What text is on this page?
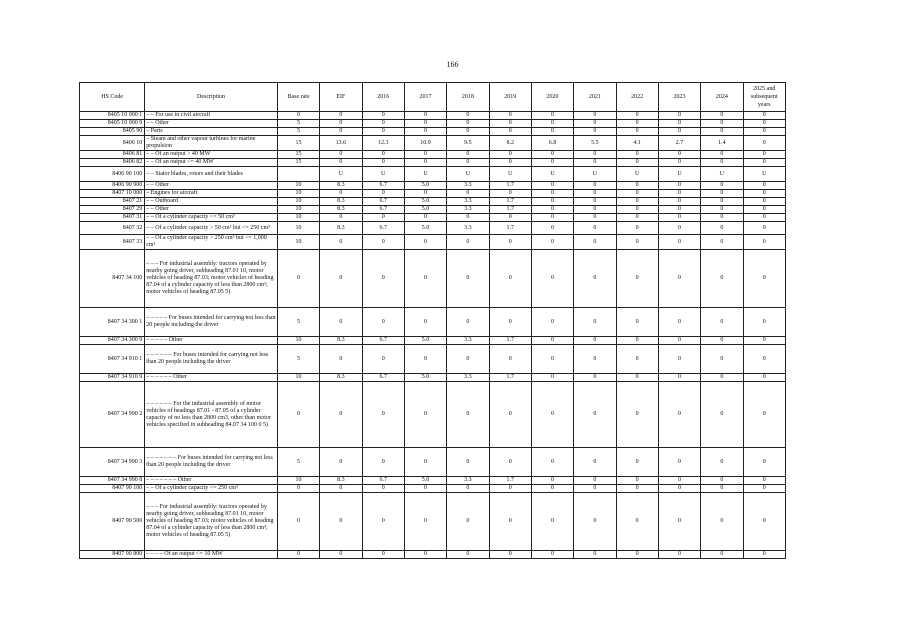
166
HS Code	Description	Base rate	EIF	2016	2017	2018	2019	2020	2021	2022	2023	2024	2025 and subsequent years
8405 10 000 1	– – For use in civil aircraft	0	0	0	0	0	0	0	0	0	0	0	0
8405 10 000 9	– – Other	5	0	0	0	0	0	0	0	0	0	0	0
8405 90	– Parts	5	0	0	0	0	0	0	0	0	0	0	0
8406 10	– Steam and other vapour turbines for marine propulsion	15	13.6	12.3	10.9	9.5	8.2	6.8	5.5	4.1	2.7	1.4	0
8406 81	– – Of an output > 40 MW	15	0	0	0	0	0	0	0	0	0	0	0
8406 82	– – Of an output <= 40 MW	15	0	0	0	0	0	0	0	0	0	0	0
8406 90 100	– – Stator blades, rotors and their blades		U	U	U	U	U	U	U	U	U	U	U
8406 90 900	– – Other	10	8.3	6.7	5.0	3.3	1.7	0	0	0	0	0	0
8407 10 000	– Engines for aircraft	10	0	0	0	0	0	0	0	0	0	0	0
8407 21	– – Outboard	10	8.3	6.7	5.0	3.3	1.7	0	0	0	0	0	0
8407 29	– – Other	10	8.3	6.7	5.0	3.3	1.7	0	0	0	0	0	0
8407 31	– – Of a cylinder capacity <= 50 cm³	10	0	0	0	0	0	0	0	0	0	0	0
8407 32	– – Of a cylinder capacity > 50 cm³ but <= 250 cm³	10	8.3	6.7	5.0	3.3	1.7	0	0	0	0	0	0
8407 33	– – Of a cylinder capacity > 250 cm³ but <= 1,000 cm³	10	0	0	0	0	0	0	0	0	0	0	0
8407 34 100	– – – For industrial assembly: tractors operated by nearby going driver, subheading 87.01 10, motor vehicles of heading 87.03; motor vehicles of heading 87.04 of a cylinder capacity of less than 2800 cm³; motor vehicles of heading 87.05 5)	0	0	0	0	0	0	0	0	0	0	0	0
8407 34 300 1	– – – – – For buses intended for carrying not less than 20 people including the driver	5	0	0	0	0	0	0	0	0	0	0	0
8407 34 300 9	– – – – – Other	10	8.3	6.7	5.0	3.3	1.7	0	0	0	0	0	0
8407 34 910 1	– – – – – – For buses intended for carrying not less than 20 people including the driver	5	0	0	0	0	0	0	0	0	0	0	0
8407 34 910 9	– – – – – – Other	10	8.3	6.7	5.0	3.3	1.7	0	0	0	0	0	0
8407 34 990 2	– – – – – – For the industrial assembly of motor vehicles of headings 87.01 - 87.05 of a cylinder capacity of no less than 2800 cm3, other than motor vehicles specified in subheading 84.07 34 100 0 5)	0	0	0	0	0	0	0	0	0	0	0	0
8407 34 990 3	– – – – – – – For buses intended for carrying not less than 20 people including the driver	5	0	0	0	0	0	0	0	0	0	0	0
8407 34 990 8	– – – – – – – Other	10	8.3	6.7	5.0	3.3	1.7	0	0	0	0	0	0
8407 90 100	– – Of a cylinder capacity <= 250 cm³	0	0	0	0	0	0	0	0	0	0	0	0
8407 90 500	– – – For industrial assembly: tractors operated by nearby going driver, subheading 87.01 10, motor vehicles of heading 87.03; motor vehicles of heading 87.04 of a cylinder capacity of less than 2800 cm³; motor vehicles of heading 87.05 5)	0	0	0	0	0	0	0	0	0	0	0	0
8407 90 800	– – – – Of an output <= 10 MW	0	0	0	0	0	0	0	0	0	0	0	0
